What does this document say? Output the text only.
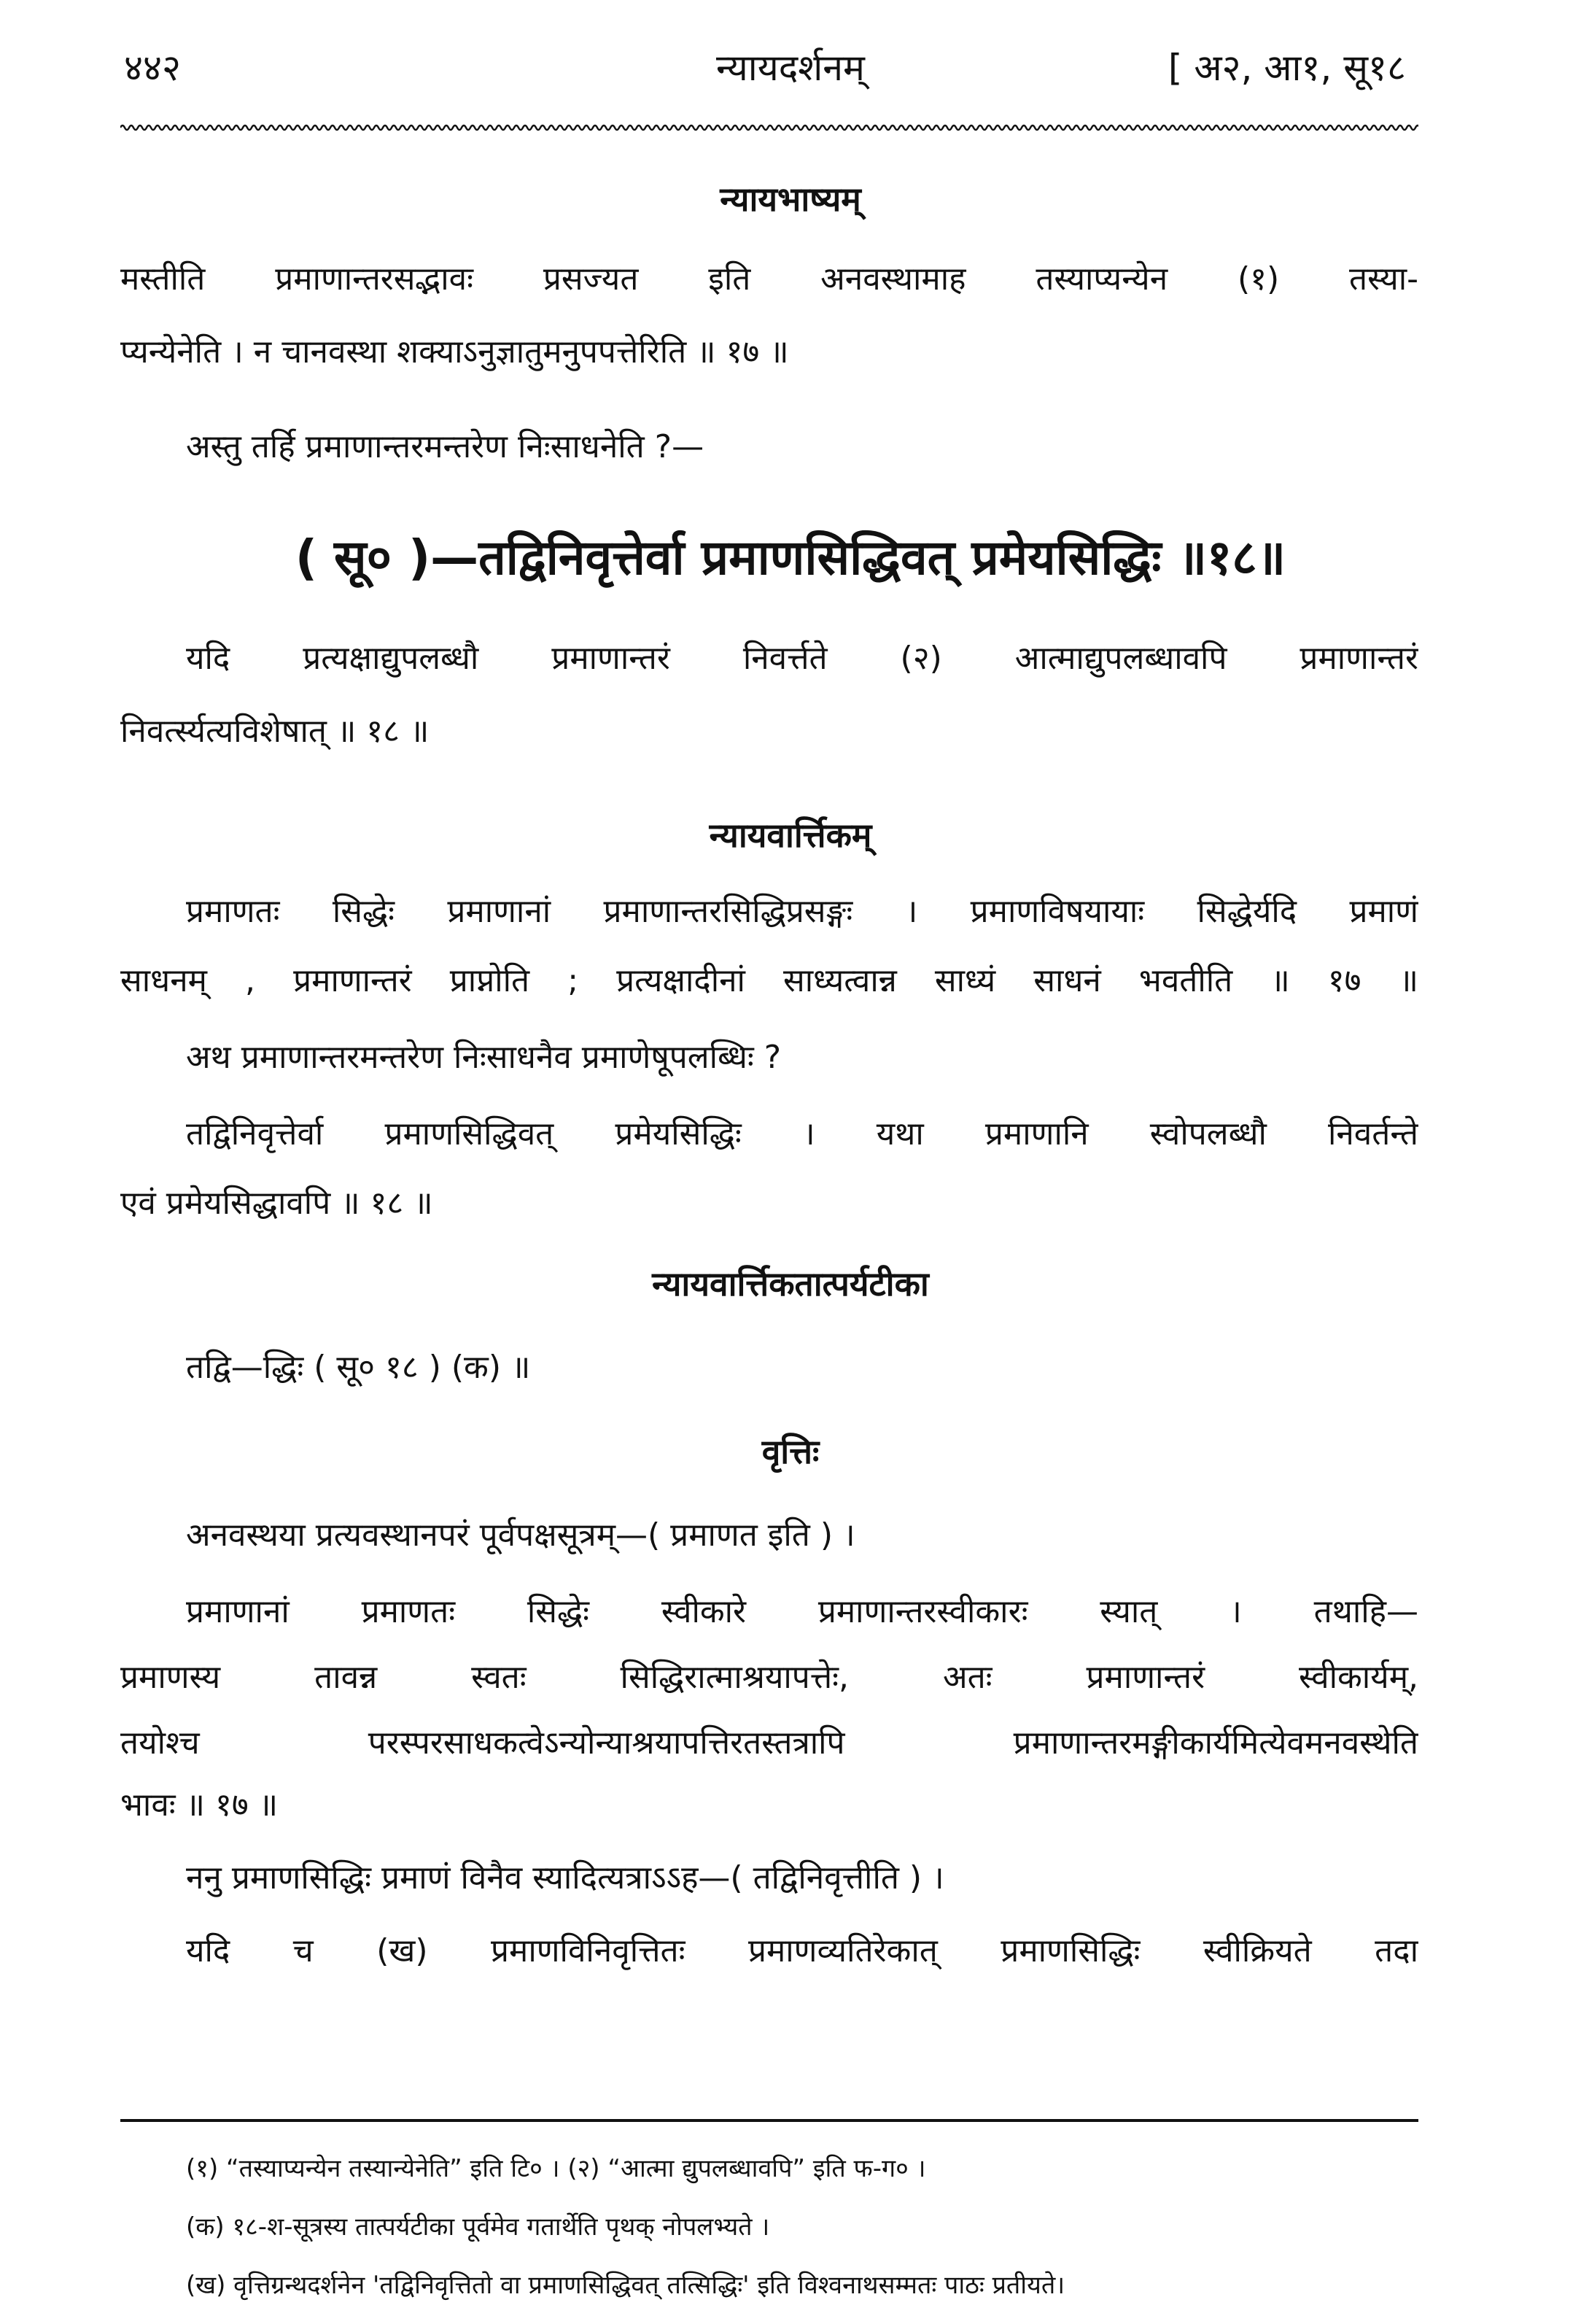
४४२	न्यायदर्शनम्	[ अ२, आ१, सू१८
न्यायभाष्यम्
मस्तीति प्रमाणान्तरसद्भावः प्रसज्यत इति अनवस्थामाह तस्याप्यन्येन (१) तस्या-
प्यन्येनेति । न चानवस्था शक्याऽनुज्ञातुमनुपपत्तेरिति ॥ १७ ॥
अस्तु तर्हि प्रमाणान्तरमन्तरेण निःसाधनेति ?—
( सू० )—तद्विनिवृत्तेर्वा प्रमाणसिद्धिवत् प्रमेयसिद्धिः ॥१८॥
यदि प्रत्यक्षाद्युपलब्धौ प्रमाणान्तरं निवर्त्तते (२) आत्माद्युपलब्धावपि प्रमाणान्तरं
निवर्त्स्यत्यविशेषात् ॥ १८ ॥
न्यायवार्त्तिकम्
प्रमाणतः सिद्धेः प्रमाणानां प्रमाणान्तरसिद्धिप्रसङ्गः । प्रमाणविषयायाः सिद्धेर्यदि प्रमाणं
साधनम् , प्रमाणान्तरं प्राप्नोति ; प्रत्यक्षादीनां साध्यत्वान्न साध्यं साधनं भवतीति ॥ १७ ॥
अथ प्रमाणान्तरमन्तरेण निःसाधनैव प्रमाणेषूपलब्धिः ?
तद्विनिवृत्तेर्वा प्रमाणसिद्धिवत् प्रमेयसिद्धिः । यथा प्रमाणानि स्वोपलब्धौ निवर्तन्ते
एवं प्रमेयसिद्धावपि ॥ १८ ॥
न्यायवार्त्तिकतात्पर्यटीका
तद्वि—द्धिः ( सू० १८ ) (क) ॥
वृत्तिः
अनवस्थया प्रत्यवस्थानपरं पूर्वपक्षसूत्रम्—( प्रमाणत इति ) ।
प्रमाणानां प्रमाणतः सिद्धेः स्वीकारे प्रमाणान्तरस्वीकारः स्यात् । तथाहि—
प्रमाणस्य तावन्न स्वतः सिद्धिरात्माश्रयापत्तेः, अतः प्रमाणान्तरं स्वीकार्यम्,
तयोश्च परस्परसाधकत्वेऽन्योन्याश्रयापत्तिरतस्तत्रापि प्रमाणान्तरमङ्गीकार्यमित्येवमनवस्थेति
भावः ॥ १७ ॥
ननु प्रमाणसिद्धिः प्रमाणं विनैव स्यादित्यत्राऽऽह—( तद्विनिवृत्तीति ) ।
यदि च (ख) प्रमाणविनिवृत्तितः प्रमाणव्यतिरेकात् प्रमाणसिद्धिः स्वीक्रियते तदा
(१) “तस्याप्यन्येन तस्यान्येनेति” इति टि० । (२) “आत्मा द्युपलब्धावपि” इति फ-ग० ।
(क) १८-श-सूत्रस्य तात्पर्यटीका पूर्वमेव गतार्थेति पृथक् नोपलभ्यते ।
(ख) वृत्तिग्रन्थदर्शनेन 'तद्विनिवृत्तितो वा प्रमाणसिद्धिवत् तत्सिद्धिः' इति विश्वनाथसम्मतः पाठः प्रतीयते।
